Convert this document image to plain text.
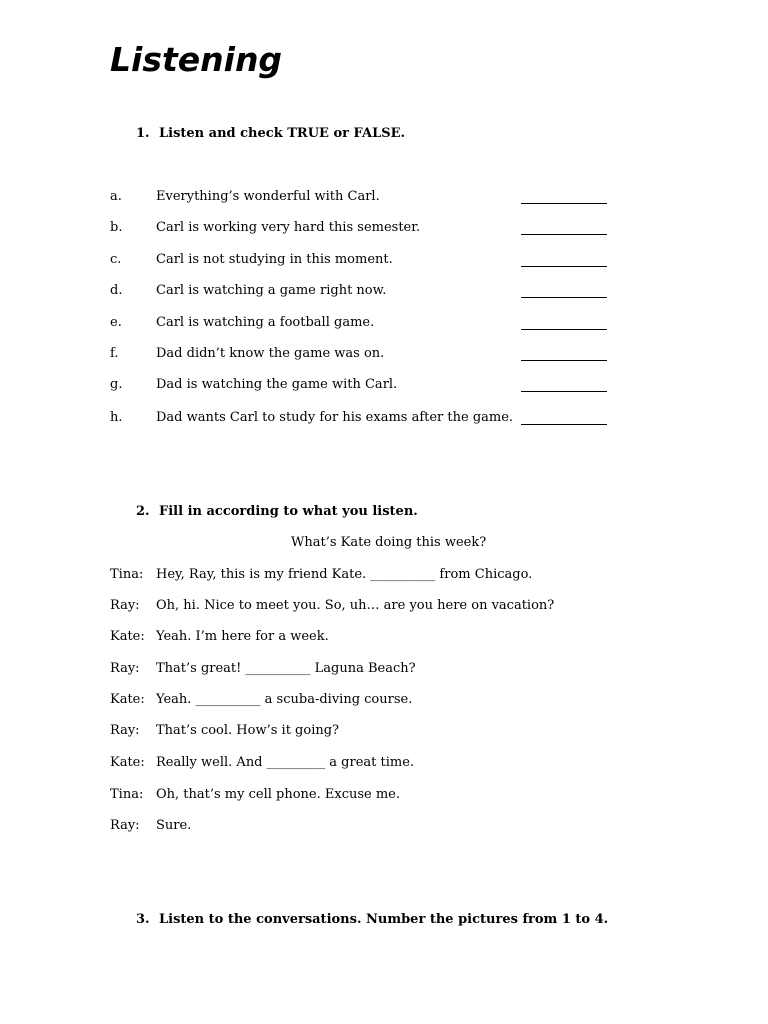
Listening
1. Listen and check TRUE or FALSE.
a.	Everything’s wonderful with Carl.
b.	Carl is working very hard this semester.
c.	Carl is not studying in this moment.
d.	Carl is watching a game right now.
e.	Carl is watching a football game.
f.	Dad didn’t know the game was on.
g.	Dad is watching the game with Carl.
h.	Dad wants Carl to study for his exams after the game.
2. Fill in according to what you listen.
What’s Kate doing this week?
Tina: Hey, Ray, this is my friend Kate. __________ from Chicago.
Ray: Oh, hi. Nice to meet you. So, uh… are you here on vacation?
Kate: Yeah. I’m here for a week.
Ray: That’s great! __________ Laguna Beach?
Kate: Yeah. __________ a scuba-diving course.
Ray: That’s cool. How’s it going?
Kate: Really well. And _________ a great time.
Tina: Oh, that’s my cell phone. Excuse me.
Ray: Sure.
3. Listen to the conversations. Number the pictures from 1 to 4.
